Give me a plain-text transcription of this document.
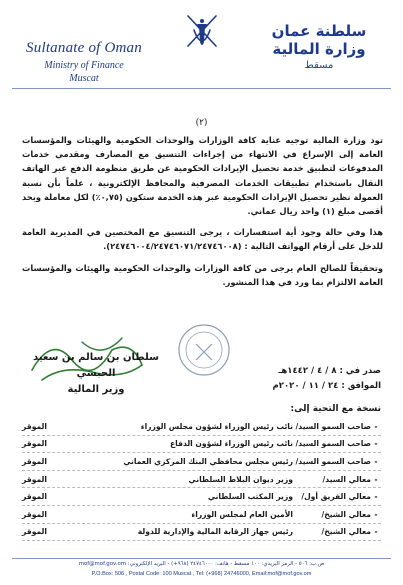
Sultanate of Oman
Ministry of Finance
Muscat
سلطنة عمان
وزارة المالية
مسقط
(٢)

تود وزارة المالية توجيه عناية كافة الوزارات والوحدات الحكومية والهيئات والمؤسسات العامة إلى الإسراع في الانتهاء من إجراءات التنسيق مع المصارف ومقدمي خدمات المدفوعات لتطبيق خدمة تحصيل الإيرادات الحكومية عن طريق منظومة الدفع عبر الهاتف النقال باستخدام تطبيقات الخدمات المصرفية والمحافظ الإلكترونية ، علماً بأن نسبة العمولة نظير تحصيل الإيرادات الحكومية عبر هذه الخدمة ستكون (٠,٧٥٪) لكل معاملة وبحد أقصى مبلغ (١) واحد ريال عماني.

هذا وفي حالة وجود أية استفسارات ، يرجى التنسيق مع المختصين في المديرية العامة للدخل على أرقام الهواتف التالية : (٢٤٧٤٦٠٠٤/٢٤٧٤٦٠٧١/٢٤٧٤٦٠٠٨).

وتحقيقاً للصالح العام يرجى من كافة الوزارات والوحدات الحكومية والهيئات والمؤسسات العامة الالتزام بما ورد في هذا المنشور.

سلطان بن سالم بن سعيد الحبسي
وزير المالية
صدر في : ٨ / ٤ / ١٤٤٢هـ
الموافق : ٢٤ / ١١ / ٢٠٢٠م
نسخة مع التحية إلى:
-
صاحب السمو السيد/
نائب رئيس الوزراء لشؤون مجلس الوزراء
الموقر
-
صاحب السمو السيد/
نائب رئيس الوزراء لشؤون الدفاع
الموقر
-
صاحب السمو السيد/
رئيس مجلس محافظي البنك المركزي العماني
الموقر
-
معالي السيد/
وزير ديوان البلاط السلطاني
الموقر
-
معالي الفريق أول/
وزير المكتب السلطاني
الموقر
-
معالي الشيخ/
الأمين العام لمجلس الوزراء
الموقر
-
معالي الشيخ/
رئيس جهاز الرقابة المالية والإدارية للدولة
الموقر
ص.ب: ٥٠٦ - الرمز البريدي: ١٠٠ مسقط - هاتف: ٢٤٧٤٦٠٠٠ (٩٦٨+) - البريد الإلكتروني: mof@mof.gov.om
P.O.Box: 506 , Postal Code: 100 Muscat , Tel: (+968) 24746000, Email:mof@mof.gov.om
